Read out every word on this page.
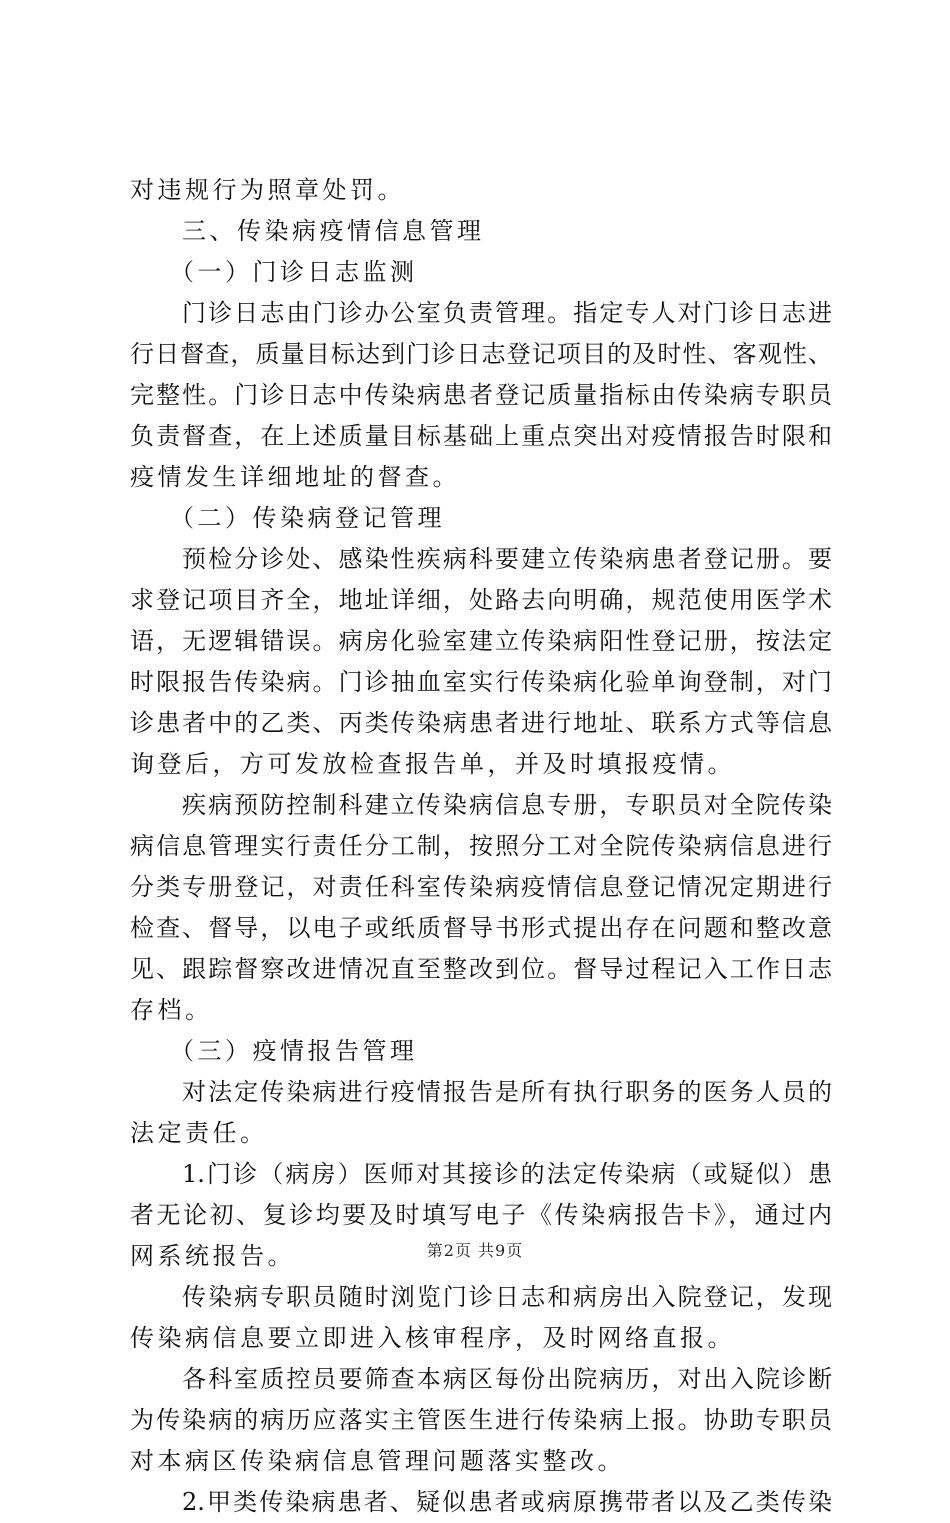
对违规行为照章处罚。
三、传染病疫情信息管理
（一）门诊日志监测
门诊日志由门诊办公室负责管理。指定专人对门诊日志进
行日督查，质量目标达到门诊日志登记项目的及时性、客观性、
完整性。门诊日志中传染病患者登记质量指标由传染病专职员
负责督查，在上述质量目标基础上重点突出对疫情报告时限和
疫情发生详细地址的督查。
（二）传染病登记管理
预检分诊处、感染性疾病科要建立传染病患者登记册。要
求登记项目齐全，地址详细，处路去向明确，规范使用医学术
语，无逻辑错误。病房化验室建立传染病阳性登记册，按法定
时限报告传染病。门诊抽血室实行传染病化验单询登制，对门
诊患者中的乙类、丙类传染病患者进行地址、联系方式等信息
询登后，方可发放检查报告单，并及时填报疫情。
疾病预防控制科建立传染病信息专册，专职员对全院传染
病信息管理实行责任分工制，按照分工对全院传染病信息进行
分类专册登记，对责任科室传染病疫情信息登记情况定期进行
检查、督导，以电子或纸质督导书形式提出存在问题和整改意
见、跟踪督察改进情况直至整改到位。督导过程记入工作日志
存档。
（三）疫情报告管理
对法定传染病进行疫情报告是所有执行职务的医务人员的
法定责任。
1.门诊（病房）医师对其接诊的法定传染病（或疑似）患
者无论初、复诊均要及时填写电子《传染病报告卡》，通过内
网系统报告。
传染病专职员随时浏览门诊日志和病房出入院登记，发现
传染病信息要立即进入核审程序，及时网络直报。
各科室质控员要筛查本病区每份出院病历，对出入院诊断
为传染病的病历应落实主管医生进行传染病上报。协助专职员
对本病区传染病信息管理问题落实整改。
2.甲类传染病患者、疑似患者或病原携带者以及乙类传染
第2页 共9页
